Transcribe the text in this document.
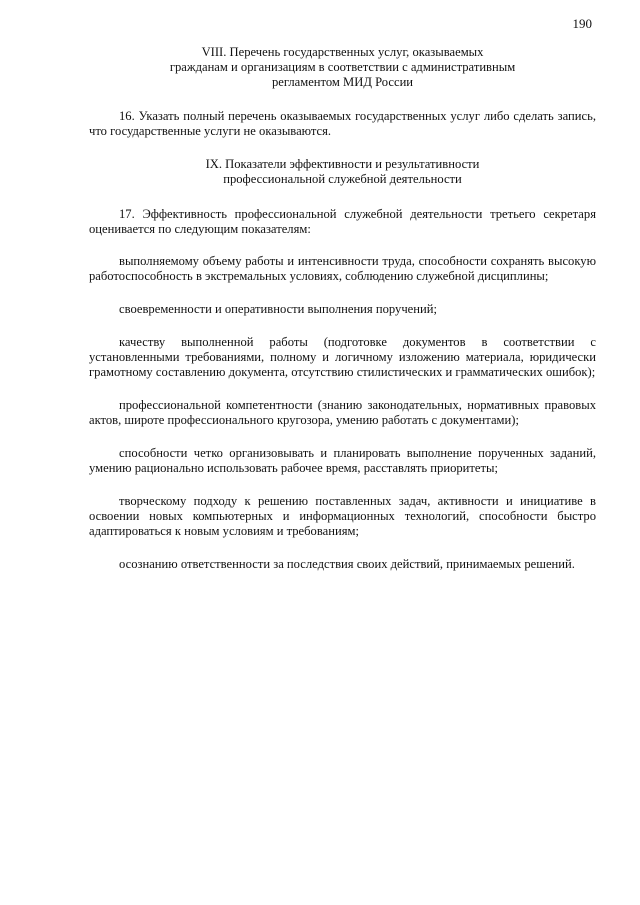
190
VIII. Перечень государственных услуг, оказываемых
гражданам и организациям в соответствии с административным
регламентом МИД России

16. Указать полный перечень оказываемых государственных услуг либо сделать запись, что государственные услуги не оказываются.

IX. Показатели эффективности и результативности
профессиональной служебной деятельности

17. Эффективность профессиональной служебной деятельности третьего секретаря оценивается по следующим показателям:

выполняемому объему работы и интенсивности труда, способности сохранять высокую работоспособность в экстремальных условиях, соблюдению служебной дисциплины;

своевременности и оперативности выполнения поручений;

качеству выполненной работы (подготовке документов в соответствии с установленными требованиями, полному и логичному изложению материала, юридически грамотному составлению документа, отсутствию стилистических и грамматических ошибок);

профессиональной компетентности (знанию законодательных, нормативных правовых актов, широте профессионального кругозора, умению работать с документами);

способности четко организовывать и планировать выполнение порученных заданий, умению рационально использовать рабочее время, расставлять приоритеты;

творческому подходу к решению поставленных задач, активности и инициативе в освоении новых компьютерных и информационных технологий, способности быстро адаптироваться к новым условиям и требованиям;

осознанию ответственности за последствия своих действий, принимаемых решений.
